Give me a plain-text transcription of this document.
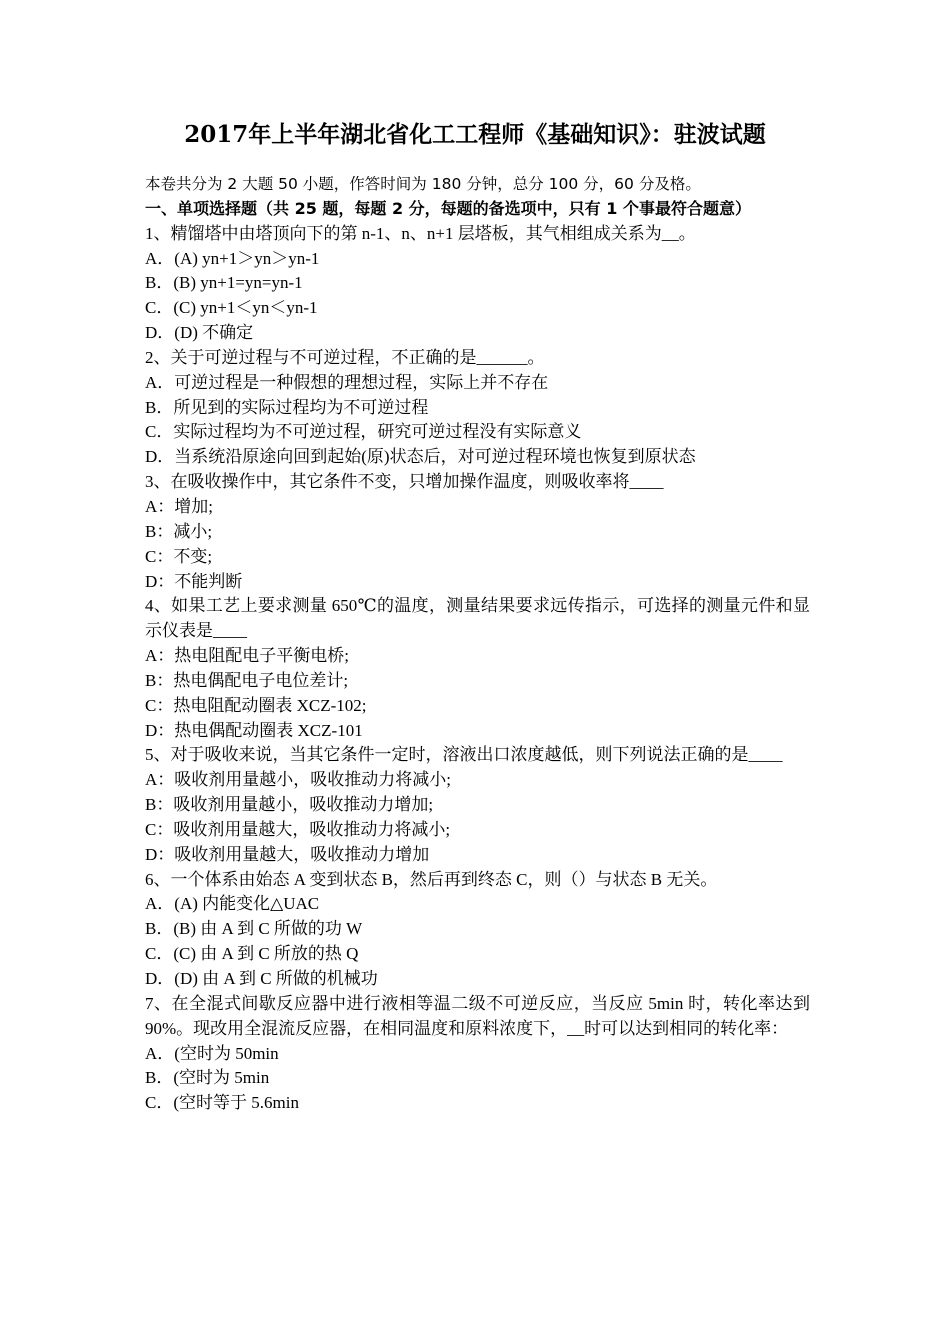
2017年上半年湖北省化工工程师《基础知识》：驻波试题
本卷共分为 2 大题 50 小题，作答时间为 180 分钟，总分 100 分，60 分及格。
一、单项选择题（共 25 题，每题 2 分，每题的备选项中，只有 1 个事最符合题意）
1、精馏塔中由塔顶向下的第 n-1、n、n+1 层塔板，其气相组成关系为__。
A．(A) yn+1＞yn＞yn-1
B．(B) yn+1=yn=yn-1
C．(C) yn+1＜yn＜yn-1
D．(D) 不确定
2、关于可逆过程与不可逆过程，不正确的是______。
A．可逆过程是一种假想的理想过程，实际上并不存在
B．所见到的实际过程均为不可逆过程
C．实际过程均为不可逆过程，研究可逆过程没有实际意义
D．当系统沿原途向回到起始(原)状态后，对可逆过程环境也恢复到原状态
3、在吸收操作中，其它条件不变，只增加操作温度，则吸收率将____
A：增加;
B：减小;
C：不变;
D：不能判断
4、如果工艺上要求测量 650℃的温度，测量结果要求远传指示，可选择的测量元件和显示仪表是____
A：热电阻配电子平衡电桥;
B：热电偶配电子电位差计;
C：热电阻配动圈表 XCZ-102;
D：热电偶配动圈表 XCZ-101
5、对于吸收来说，当其它条件一定时，溶液出口浓度越低，则下列说法正确的是____
A：吸收剂用量越小，吸收推动力将减小;
B：吸收剂用量越小，吸收推动力增加;
C：吸收剂用量越大，吸收推动力将减小;
D：吸收剂用量越大，吸收推动力增加
6、一个体系由始态 A 变到状态 B，然后再到终态 C，则（）与状态 B 无关。
A．(A) 内能变化△UAC
B．(B) 由 A 到 C 所做的功 W
C．(C) 由 A 到 C 所放的热 Q
D．(D) 由 A 到 C 所做的机械功
7、在全混式间歇反应器中进行液相等温二级不可逆反应，当反应 5min 时，转化率达到 90%。现改用全混流反应器，在相同温度和原料浓度下，__时可以达到相同的转化率：
A．(空时为 50min
B．(空时为 5min
C．(空时等于 5.6min
